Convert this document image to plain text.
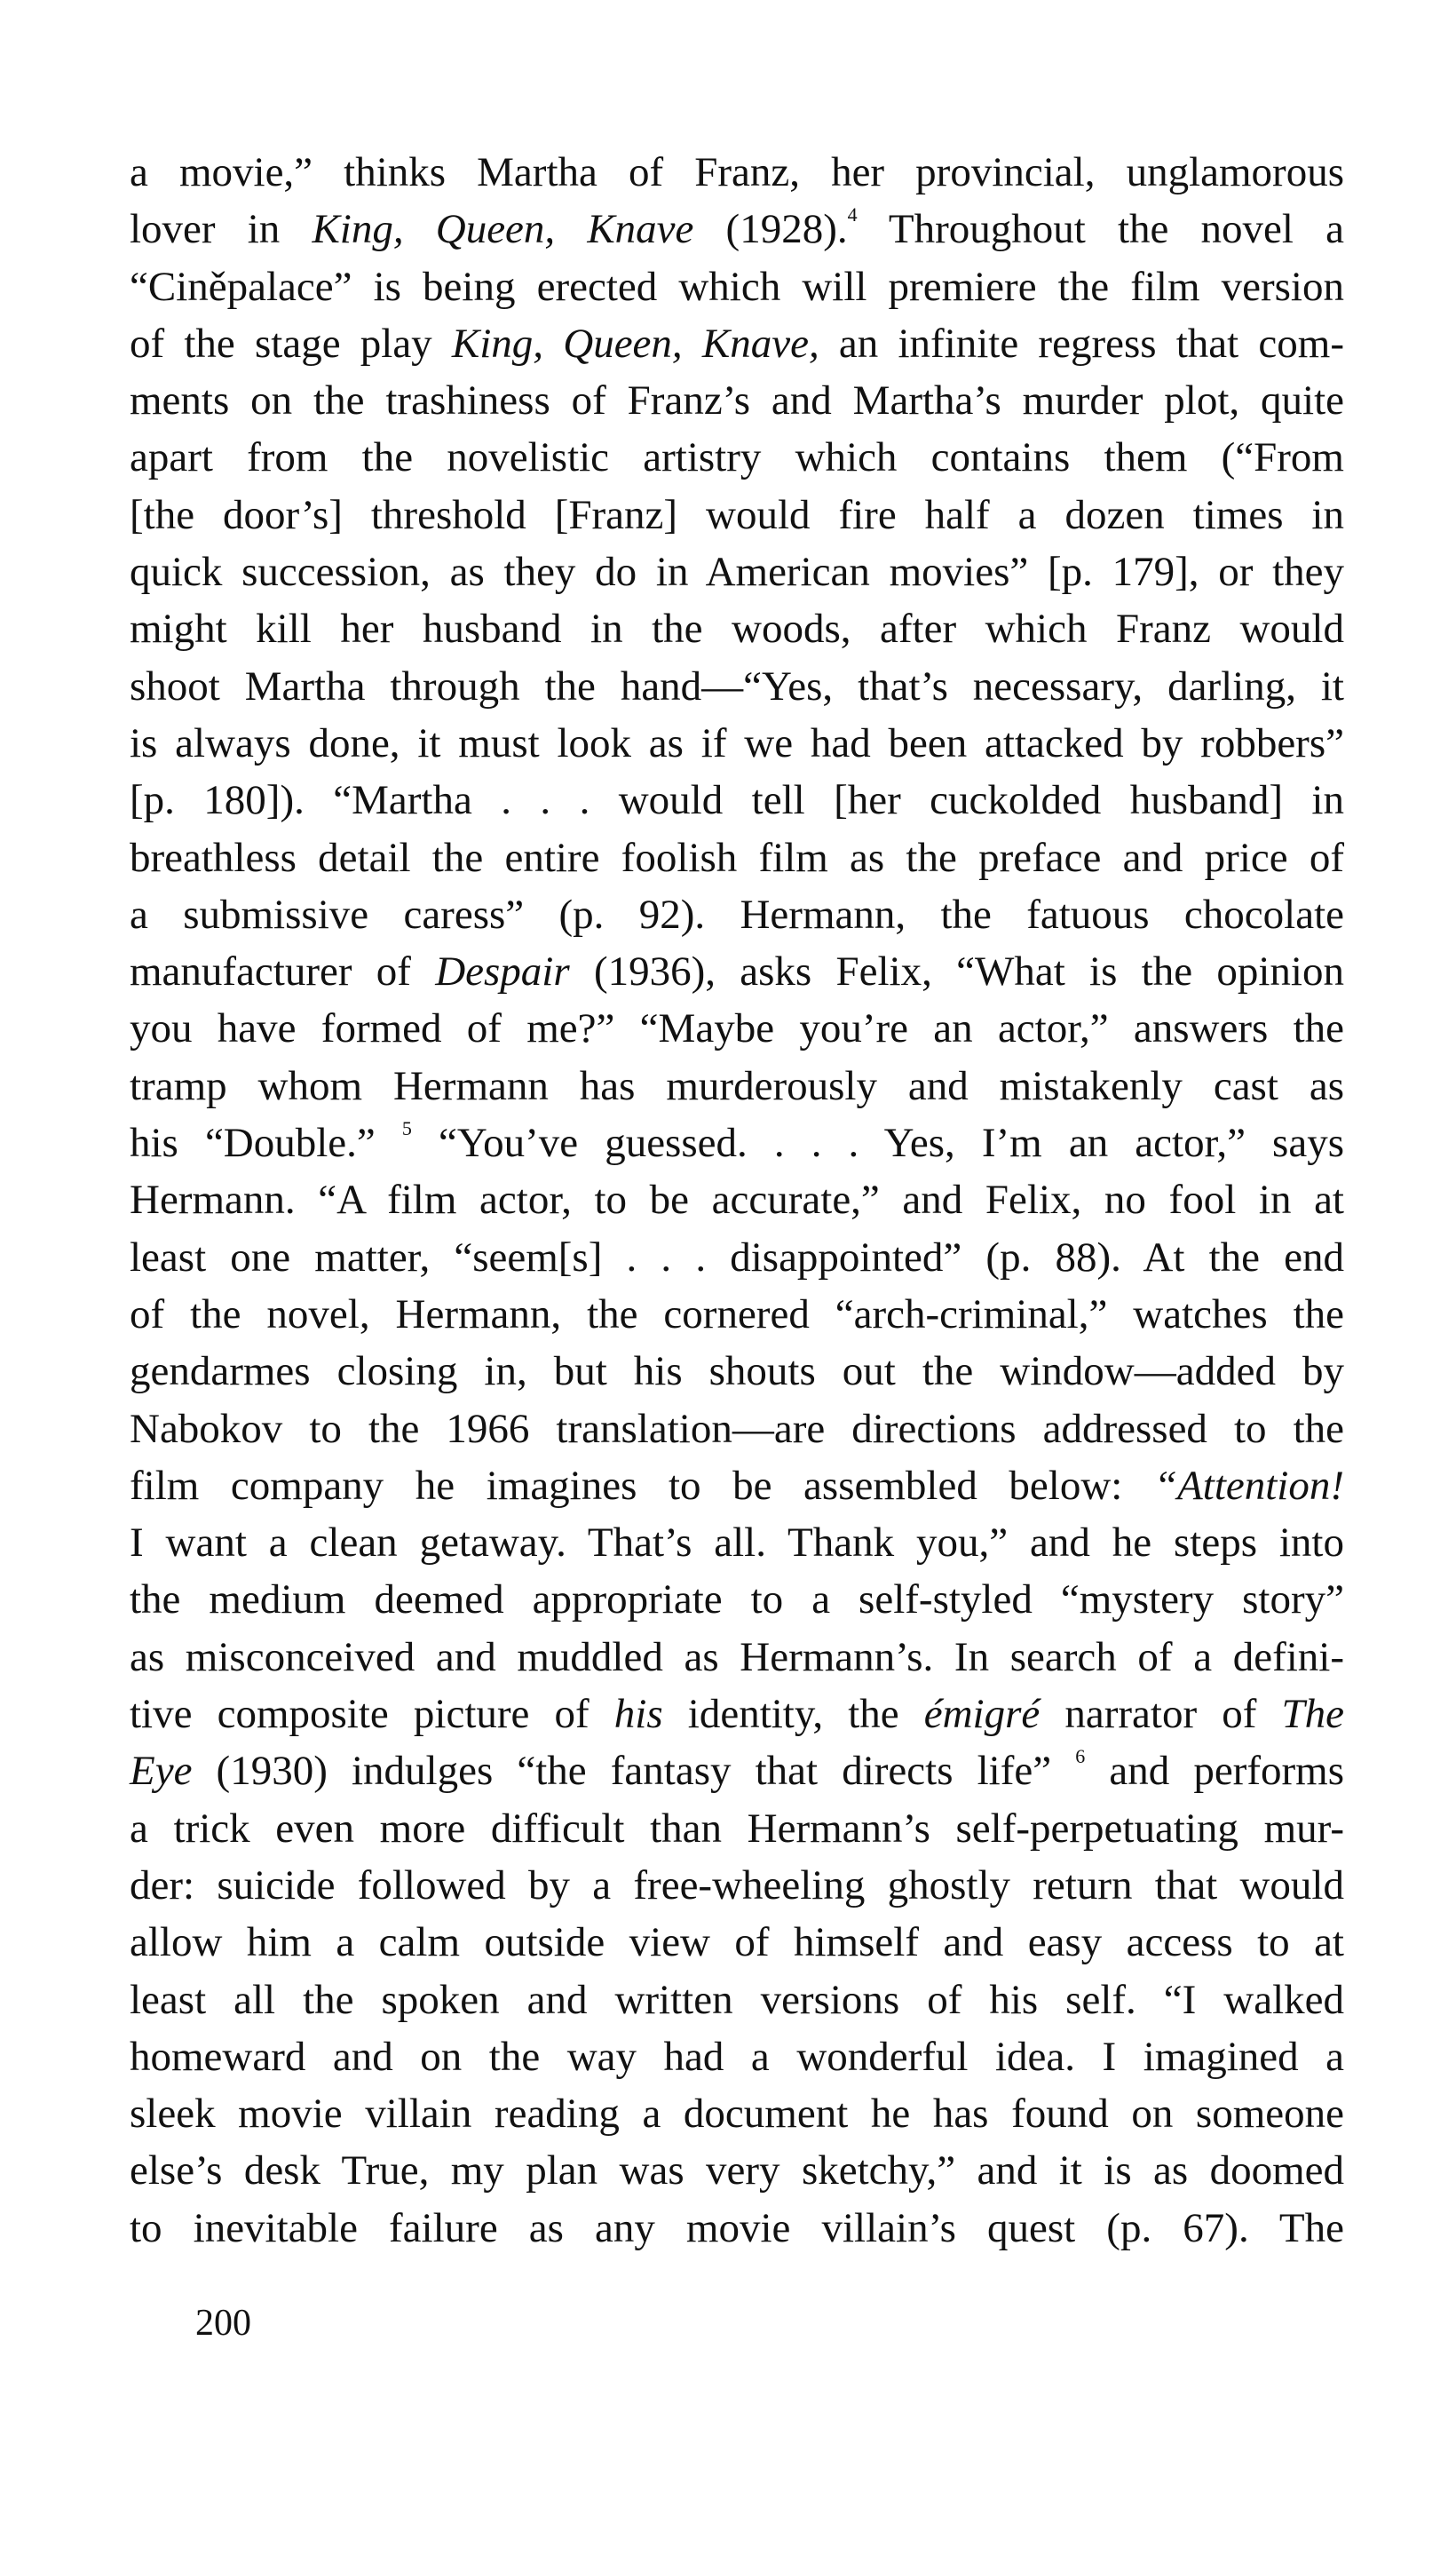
a movie,” thinks Martha of Franz, her provincial, unglamorous
lover in King, Queen, Knave (1928).$^4$ Throughout the novel a
“Ciněpalace” is being erected which will premiere the film version
of the stage play King, Queen, Knave, an infinite regress that com-
ments on the trashiness of Franz’s and Martha’s murder plot, quite
apart from the novelistic artistry which contains them (“From
[the door’s] threshold [Franz] would fire half a dozen times in
quick succession, as they do in American movies” [p. 179], or they
might kill her husband in the woods, after which Franz would
shoot Martha through the hand—“Yes, that’s necessary, darling, it
is always done, it must look as if we had been attacked by robbers”
[p. 180]). “Martha . . . would tell [her cuckolded husband] in
breathless detail the entire foolish film as the preface and price of
a submissive caress” (p. 92). Hermann, the fatuous chocolate
manufacturer of Despair (1936), asks Felix, “What is the opinion
you have formed of me?” “Maybe you’re an actor,” answers the
tramp whom Hermann has murderously and mistakenly cast as
his “Double.” $^5$ “You’ve guessed. . . . Yes, I’m an actor,” says
Hermann. “A film actor, to be accurate,” and Felix, no fool in at
least one matter, “seem[s] . . . disappointed” (p. 88). At the end
of the novel, Hermann, the cornered “arch-criminal,” watches the
gendarmes closing in, but his shouts out the window—added by
Nabokov to the 1966 translation—are directions addressed to the
film company he imagines to be assembled below: “Attention!
I want a clean getaway. That’s all. Thank you,” and he steps into
the medium deemed appropriate to a self-styled “mystery story”
as misconceived and muddled as Hermann’s. In search of a defini-
tive composite picture of his identity, the émigré narrator of The
Eye (1930) indulges “the fantasy that directs life” $^6$ and performs
a trick even more difficult than Hermann’s self-perpetuating mur-
der: suicide followed by a free-wheeling ghostly return that would
allow him a calm outside view of himself and easy access to at
least all the spoken and written versions of his self. “I walked
homeward and on the way had a wonderful idea. I imagined a
sleek movie villain reading a document he has found on someone
else’s desk True, my plan was very sketchy,” and it is as doomed
to inevitable failure as any movie villain’s quest (p. 67). The

200
